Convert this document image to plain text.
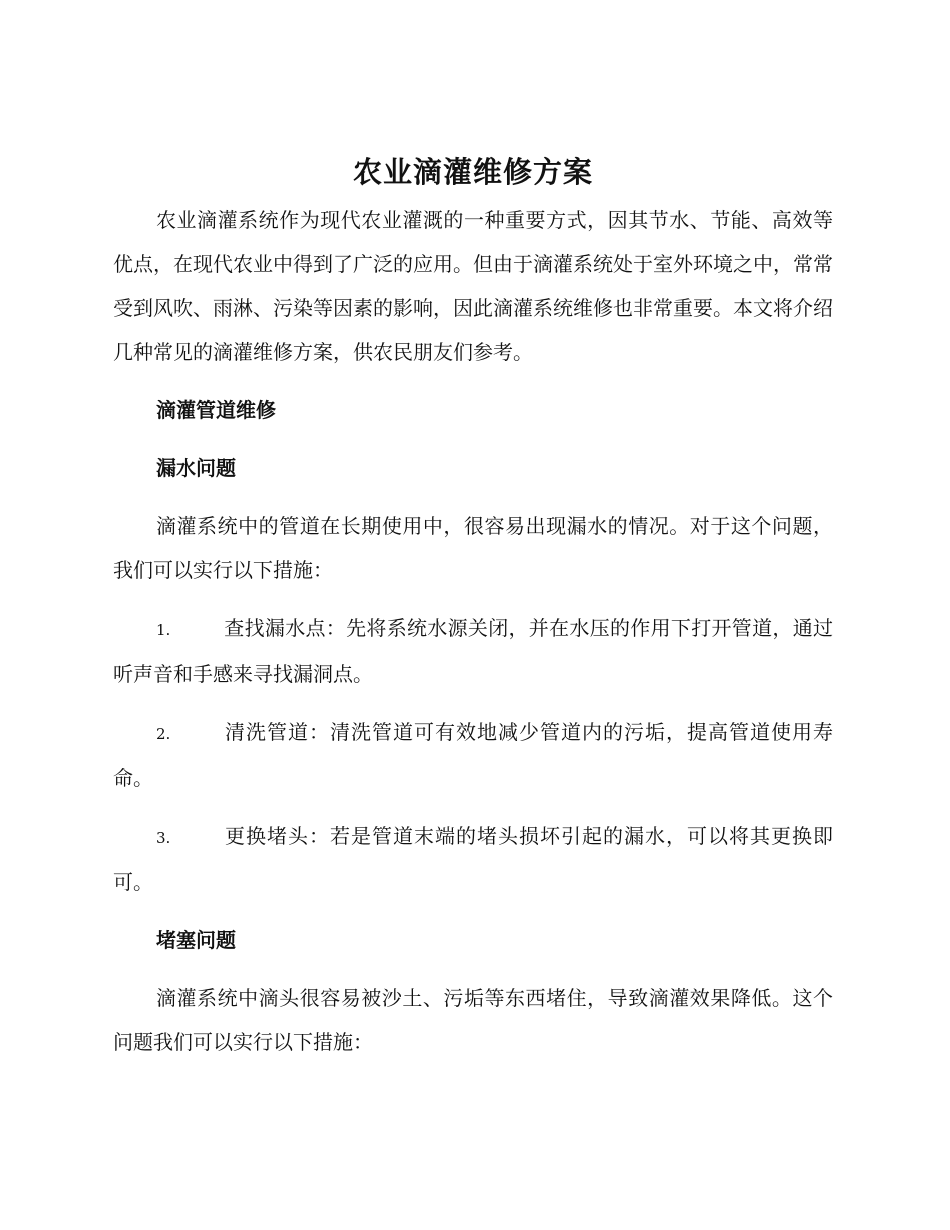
农业滴灌维修方案

农业滴灌系统作为现代农业灌溉的一种重要方式，因其节水、节能、高效等优点，在现代农业中得到了广泛的应用。但由于滴灌系统处于室外环境之中，常常受到风吹、雨淋、污染等因素的影响，因此滴灌系统维修也非常重要。本文将介绍几种常见的滴灌维修方案，供农民朋友们参考。

滴灌管道维修

漏水问题

滴灌系统中的管道在长期使用中，很容易出现漏水的情况。对于这个问题，我们可以实行以下措施：

1.	查找漏水点：先将系统水源关闭，并在水压的作用下打开管道，通过听声音和手感来寻找漏洞点。

2.	清洗管道：清洗管道可有效地减少管道内的污垢，提高管道使用寿命。

3.	更换堵头：若是管道末端的堵头损坏引起的漏水，可以将其更换即可。

堵塞问题

滴灌系统中滴头很容易被沙土、污垢等东西堵住，导致滴灌效果降低。这个问题我们可以实行以下措施：
